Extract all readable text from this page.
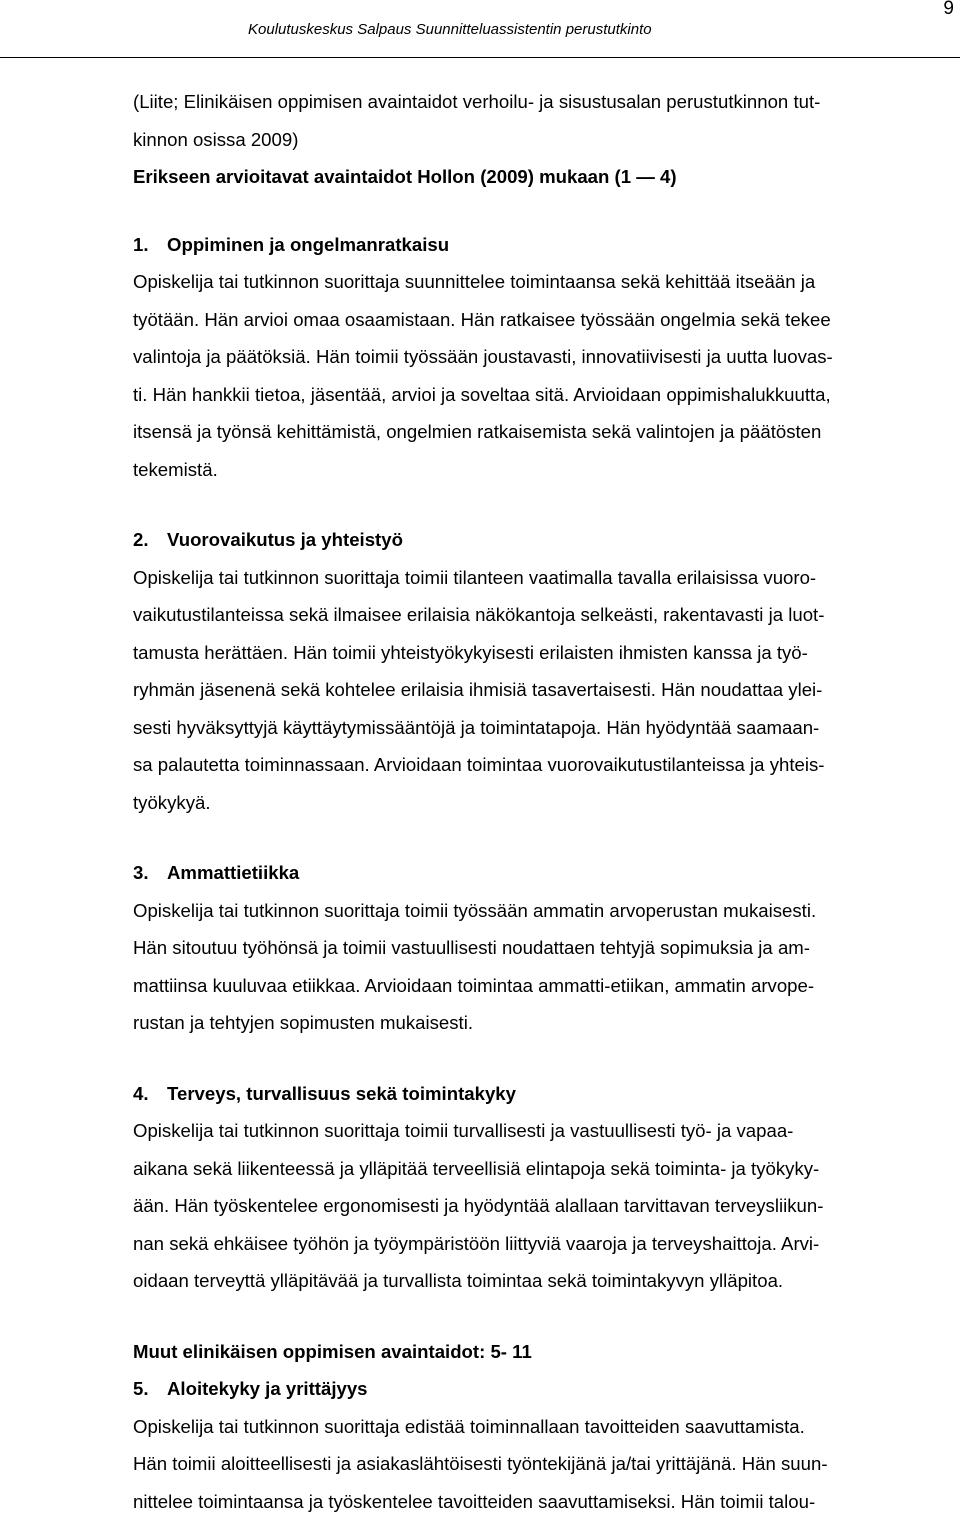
Koulutuskeskus Salpaus Suunnitteluassistentin perustutkinto
9
(Liite; Elinikäisen oppimisen avaintaidot verhoilu- ja sisustusalan perustutkinnon tut-
kinnon osissa 2009)
Erikseen arvioitavat avaintaidot Hollon (2009) mukaan (1 — 4)
1. Oppiminen ja ongelmanratkaisu
Opiskelija tai tutkinnon suorittaja suunnittelee toimintaansa sekä kehittää itseään ja
työtään. Hän arvioi omaa osaamistaan. Hän ratkaisee työssään ongelmia sekä tekee
valintoja ja päätöksiä. Hän toimii työssään joustavasti, innovatiivisesti ja uutta luovas-
ti. Hän hankkii tietoa, jäsentää, arvioi ja soveltaa sitä. Arvioidaan oppimishalukkuutta,
itsensä ja työnsä kehittämistä, ongelmien ratkaisemista sekä valintojen ja päätösten
tekemistä.
2. Vuorovaikutus ja yhteistyö
Opiskelija tai tutkinnon suorittaja toimii tilanteen vaatimalla tavalla erilaisissa vuoro-
vaikutustilanteissa sekä ilmaisee erilaisia näkökantoja selkeästi, rakentavasti ja luot-
tamusta herättäen. Hän toimii yhteistyökykyisesti erilaisten ihmisten kanssa ja työ-
ryhmän jäsenenä sekä kohtelee erilaisia ihmisiä tasavertaisesti. Hän noudattaa ylei-
sesti hyväksyttyjä käyttäytymissääntöjä ja toimintatapoja. Hän hyödyntää saamaan-
sa palautetta toiminnassaan. Arvioidaan toimintaa vuorovaikutustilanteissa ja yhteis-
työkykyä.
3. Ammattietiikka
Opiskelija tai tutkinnon suorittaja toimii työssään ammatin arvoperustan mukaisesti.
Hän sitoutuu työhönsä ja toimii vastuullisesti noudattaen tehtyjä sopimuksia ja am-
mattiinsa kuuluvaa etiikkaa. Arvioidaan toimintaa ammatti-etiikan, ammatin arvope-
rustan ja tehtyjen sopimusten mukaisesti.
4. Terveys, turvallisuus sekä toimintakyky
Opiskelija tai tutkinnon suorittaja toimii turvallisesti ja vastuullisesti työ- ja vapaa-
aikana sekä liikenteessä ja ylläpitää terveellisiä elintapoja sekä toiminta- ja työkyky-
ään. Hän työskentelee ergonomisesti ja hyödyntää alallaan tarvittavan terveysliikun-
nan sekä ehkäisee työhön ja työympäristöön liittyviä vaaroja ja terveyshaittoja. Arvi-
oidaan terveyttä ylläpitävää ja turvallista toimintaa sekä toimintakyvyn ylläpitoa.
Muut elinikäisen oppimisen avaintaidot: 5- 11
5. Aloitekyky ja yrittäjyys
Opiskelija tai tutkinnon suorittaja edistää toiminnallaan tavoitteiden saavuttamista.
Hän toimii aloitteellisesti ja asiakaslähtöisesti työntekijänä ja/tai yrittäjänä. Hän suun-
nittelee toimintaansa ja työskentelee tavoitteiden saavuttamiseksi. Hän toimii talou-
